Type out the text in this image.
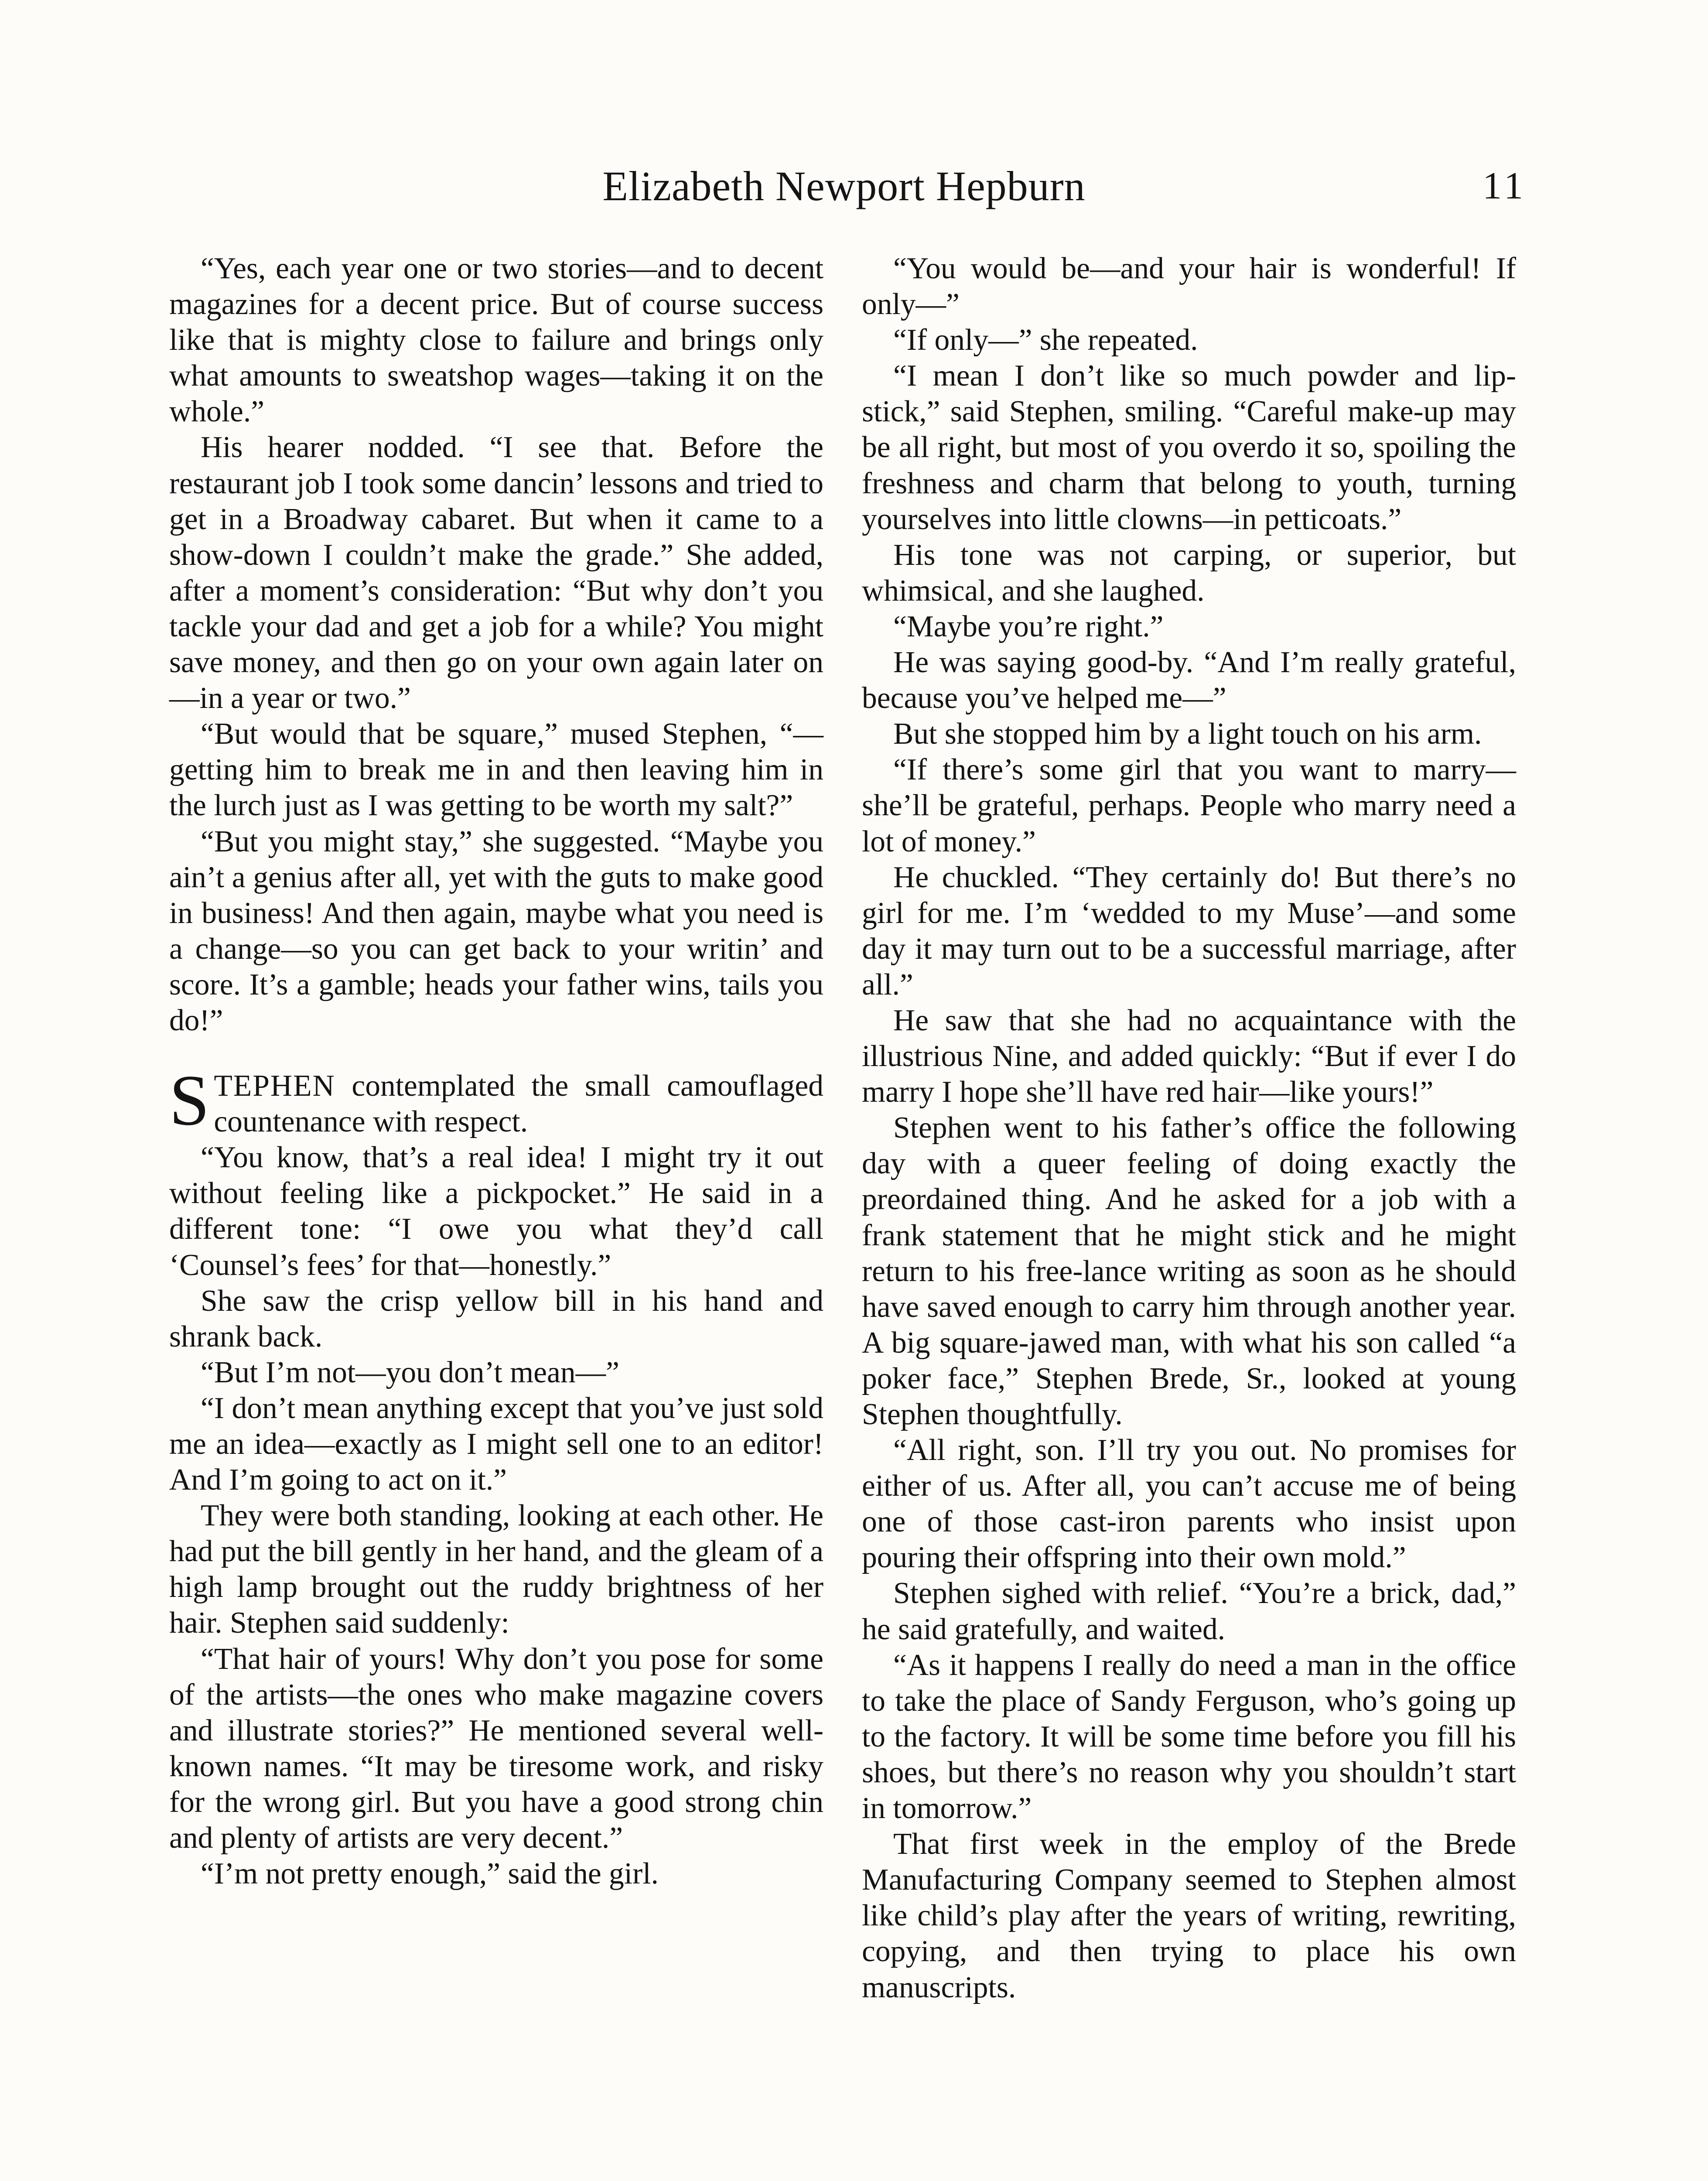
Elizabeth Newport Hepburn	11

“Yes, each year one or two stories—and to decent magazines for a decent price. But of course success like that is mighty close to failure and brings only what amounts to sweatshop wages—taking it on the whole.”

His hearer nodded. “I see that. Before the restaurant job I took some dancin’ lessons and tried to get in a Broadway cabaret. But when it came to a show-down I couldn’t make the grade.” She added, after a moment’s consideration: “But why don’t you tackle your dad and get a job for a while? You might save money, and then go on your own again later on—in a year or two.”

“But would that be square,” mused Stephen, “—getting him to break me in and then leaving him in the lurch just as I was getting to be worth my salt?”

“But you might stay,” she suggested. “Maybe you ain’t a genius after all, yet with the guts to make good in business! And then again, maybe what you need is a change—so you can get back to your writin’ and score. It’s a gamble; heads your father wins, tails you do!”

STEPHEN contemplated the small camouflaged countenance with respect.

“You know, that’s a real idea! I might try it out without feeling like a pickpocket.” He said in a different tone: “I owe you what they’d call ‘Counsel’s fees’ for that—honestly.”

She saw the crisp yellow bill in his hand and shrank back.

“But I’m not—you don’t mean—”

“I don’t mean anything except that you’ve just sold me an idea—exactly as I might sell one to an editor! And I’m going to act on it.”

They were both standing, looking at each other. He had put the bill gently in her hand, and the gleam of a high lamp brought out the ruddy brightness of her hair. Stephen said suddenly:

“That hair of yours! Why don’t you pose for some of the artists—the ones who make magazine covers and illustrate stories?” He mentioned several well-known names. “It may be tiresome work, and risky for the wrong girl. But you have a good strong chin and plenty of artists are very decent.”

“I’m not pretty enough,” said the girl.

“You would be—and your hair is wonderful! If only—”

“If only—” she repeated.

“I mean I don’t like so much powder and lip-stick,” said Stephen, smiling. “Careful make-up may be all right, but most of you overdo it so, spoiling the freshness and charm that belong to youth, turning yourselves into little clowns—in petticoats.”

His tone was not carping, or superior, but whimsical, and she laughed.

“Maybe you’re right.”

He was saying good-by. “And I’m really grateful, because you’ve helped me—”

But she stopped him by a light touch on his arm.

“If there’s some girl that you want to marry—she’ll be grateful, perhaps. People who marry need a lot of money.”

He chuckled. “They certainly do! But there’s no girl for me. I’m ‘wedded to my Muse’—and some day it may turn out to be a successful marriage, after all.”

He saw that she had no acquaintance with the illustrious Nine, and added quickly: “But if ever I do marry I hope she’ll have red hair—like yours!”

Stephen went to his father’s office the following day with a queer feeling of doing exactly the preordained thing. And he asked for a job with a frank statement that he might stick and he might return to his free-lance writing as soon as he should have saved enough to carry him through another year. A big square-jawed man, with what his son called “a poker face,” Stephen Brede, Sr., looked at young Stephen thoughtfully.

“All right, son. I’ll try you out. No promises for either of us. After all, you can’t accuse me of being one of those cast-iron parents who insist upon pouring their offspring into their own mold.”

Stephen sighed with relief. “You’re a brick, dad,” he said gratefully, and waited.

“As it happens I really do need a man in the office to take the place of Sandy Ferguson, who’s going up to the factory. It will be some time before you fill his shoes, but there’s no reason why you shouldn’t start in tomorrow.”

That first week in the employ of the Brede Manufacturing Company seemed to Stephen almost like child’s play after the years of writing, rewriting, copying, and then trying to place his own manuscripts.
